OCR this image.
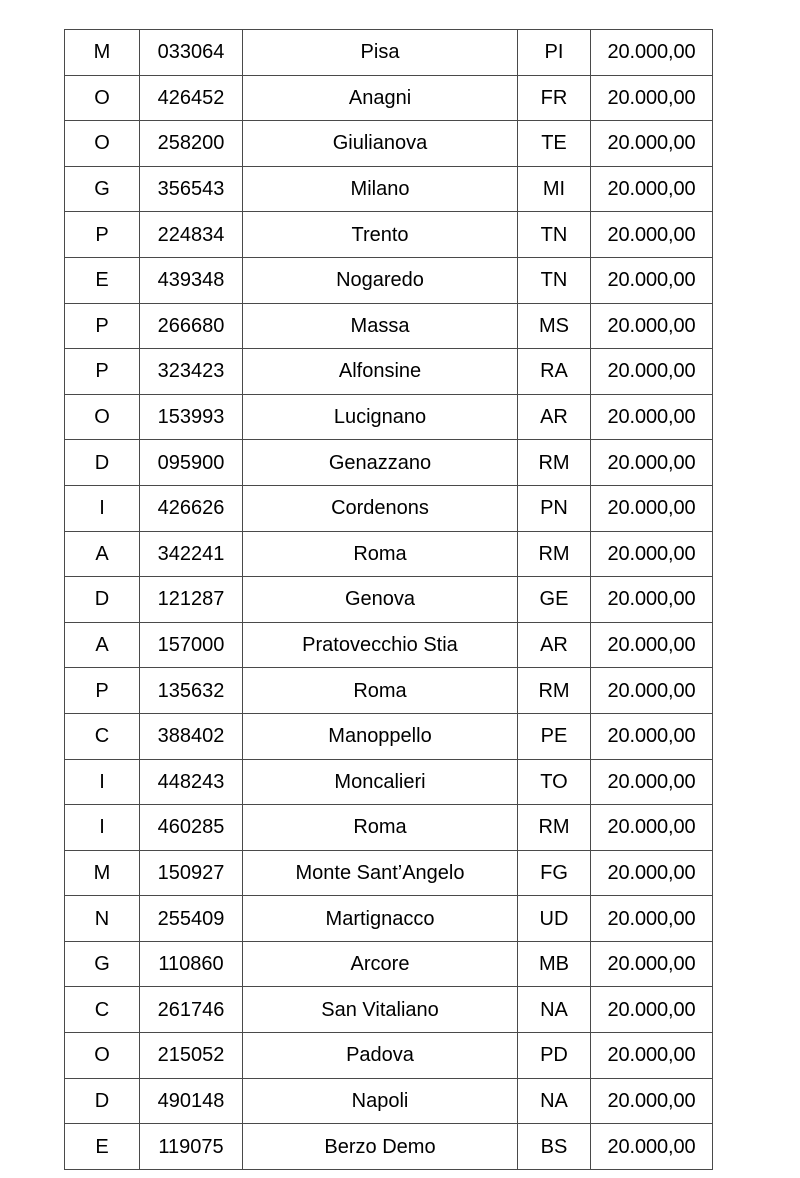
M	033064	Pisa	PI	20.000,00
O	426452	Anagni	FR	20.000,00
O	258200	Giulianova	TE	20.000,00
G	356543	Milano	MI	20.000,00
P	224834	Trento	TN	20.000,00
E	439348	Nogaredo	TN	20.000,00
P	266680	Massa	MS	20.000,00
P	323423	Alfonsine	RA	20.000,00
O	153993	Lucignano	AR	20.000,00
D	095900	Genazzano	RM	20.000,00
I	426626	Cordenons	PN	20.000,00
A	342241	Roma	RM	20.000,00
D	121287	Genova	GE	20.000,00
A	157000	Pratovecchio Stia	AR	20.000,00
P	135632	Roma	RM	20.000,00
C	388402	Manoppello	PE	20.000,00
I	448243	Moncalieri	TO	20.000,00
I	460285	Roma	RM	20.000,00
M	150927	Monte Sant’Angelo	FG	20.000,00
N	255409	Martignacco	UD	20.000,00
G	110860	Arcore	MB	20.000,00
C	261746	San Vitaliano	NA	20.000,00
O	215052	Padova	PD	20.000,00
D	490148	Napoli	NA	20.000,00
E	119075	Berzo Demo	BS	20.000,00
